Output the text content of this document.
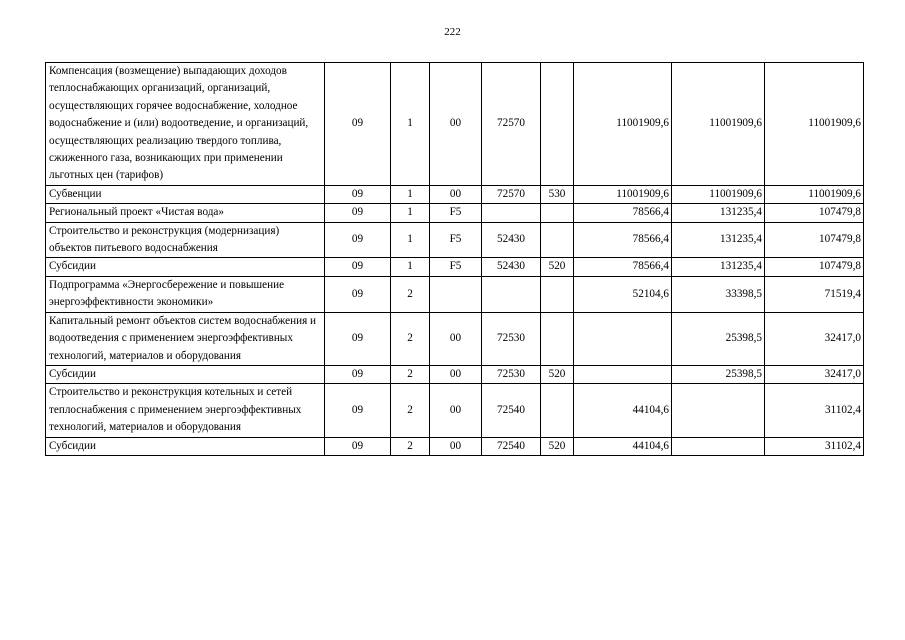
222
Компенсация (возмещение) выпадающих доходов теплоснабжающих организаций, организаций, осуществляющих горячее водоснабжение, холодное водоснабжение и (или) водоотведение, и организаций, осуществляющих реализацию твердого топлива, сжиженного газа, возникающих при применении льготных цен (тарифов)	09	1	00	72570		11001909,6	11001909,6	11001909,6
Субвенции	09	1	00	72570	530	11001909,6	11001909,6	11001909,6
Региональный проект «Чистая вода»	09	1	F5			78566,4	131235,4	107479,8
Строительство и реконструкция (модернизация) объектов питьевого водоснабжения	09	1	F5	52430		78566,4	131235,4	107479,8
Субсидии	09	1	F5	52430	520	78566,4	131235,4	107479,8
Подпрограмма «Энергосбережение и повышение энергоэффективности экономики»	09	2				52104,6	33398,5	71519,4
Капитальный ремонт объектов систем водоснабжения и водоотведения с применением энергоэффективных технологий, материалов и оборудования	09	2	00	72530			25398,5	32417,0
Субсидии	09	2	00	72530	520		25398,5	32417,0
Строительство и реконструкция котельных и сетей теплоснабжения с применением энергоэффективных технологий, материалов и оборудования	09	2	00	72540		44104,6		31102,4
Субсидии	09	2	00	72540	520	44104,6		31102,4
